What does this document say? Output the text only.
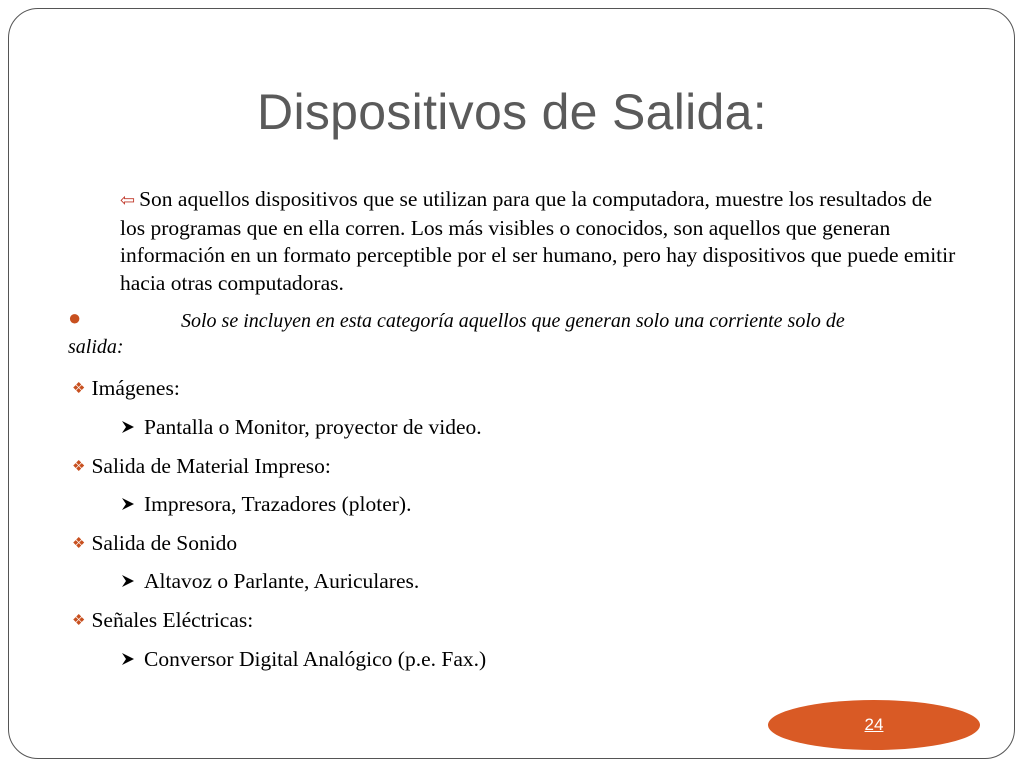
Dispositivos de Salida:
⇦ Son aquellos dispositivos que se utilizan para que la computadora, muestre los resultados de los programas que en ella corren. Los más visibles o conocidos, son aquellos que generan información en un formato perceptible por el ser humano, pero hay dispositivos que puede emitir hacia otras computadoras.
●	Solo se incluyen en esta categoría aquellos que generan solo una corriente solo de
salida:
❖ Imágenes:
Pantalla o Monitor, proyector de video.
❖ Salida de Material Impreso:
Impresora, Trazadores (ploter).
❖ Salida de Sonido
Altavoz o Parlante, Auriculares.
❖ Señales Eléctricas:
Conversor Digital Analógico (p.e. Fax.)
24
